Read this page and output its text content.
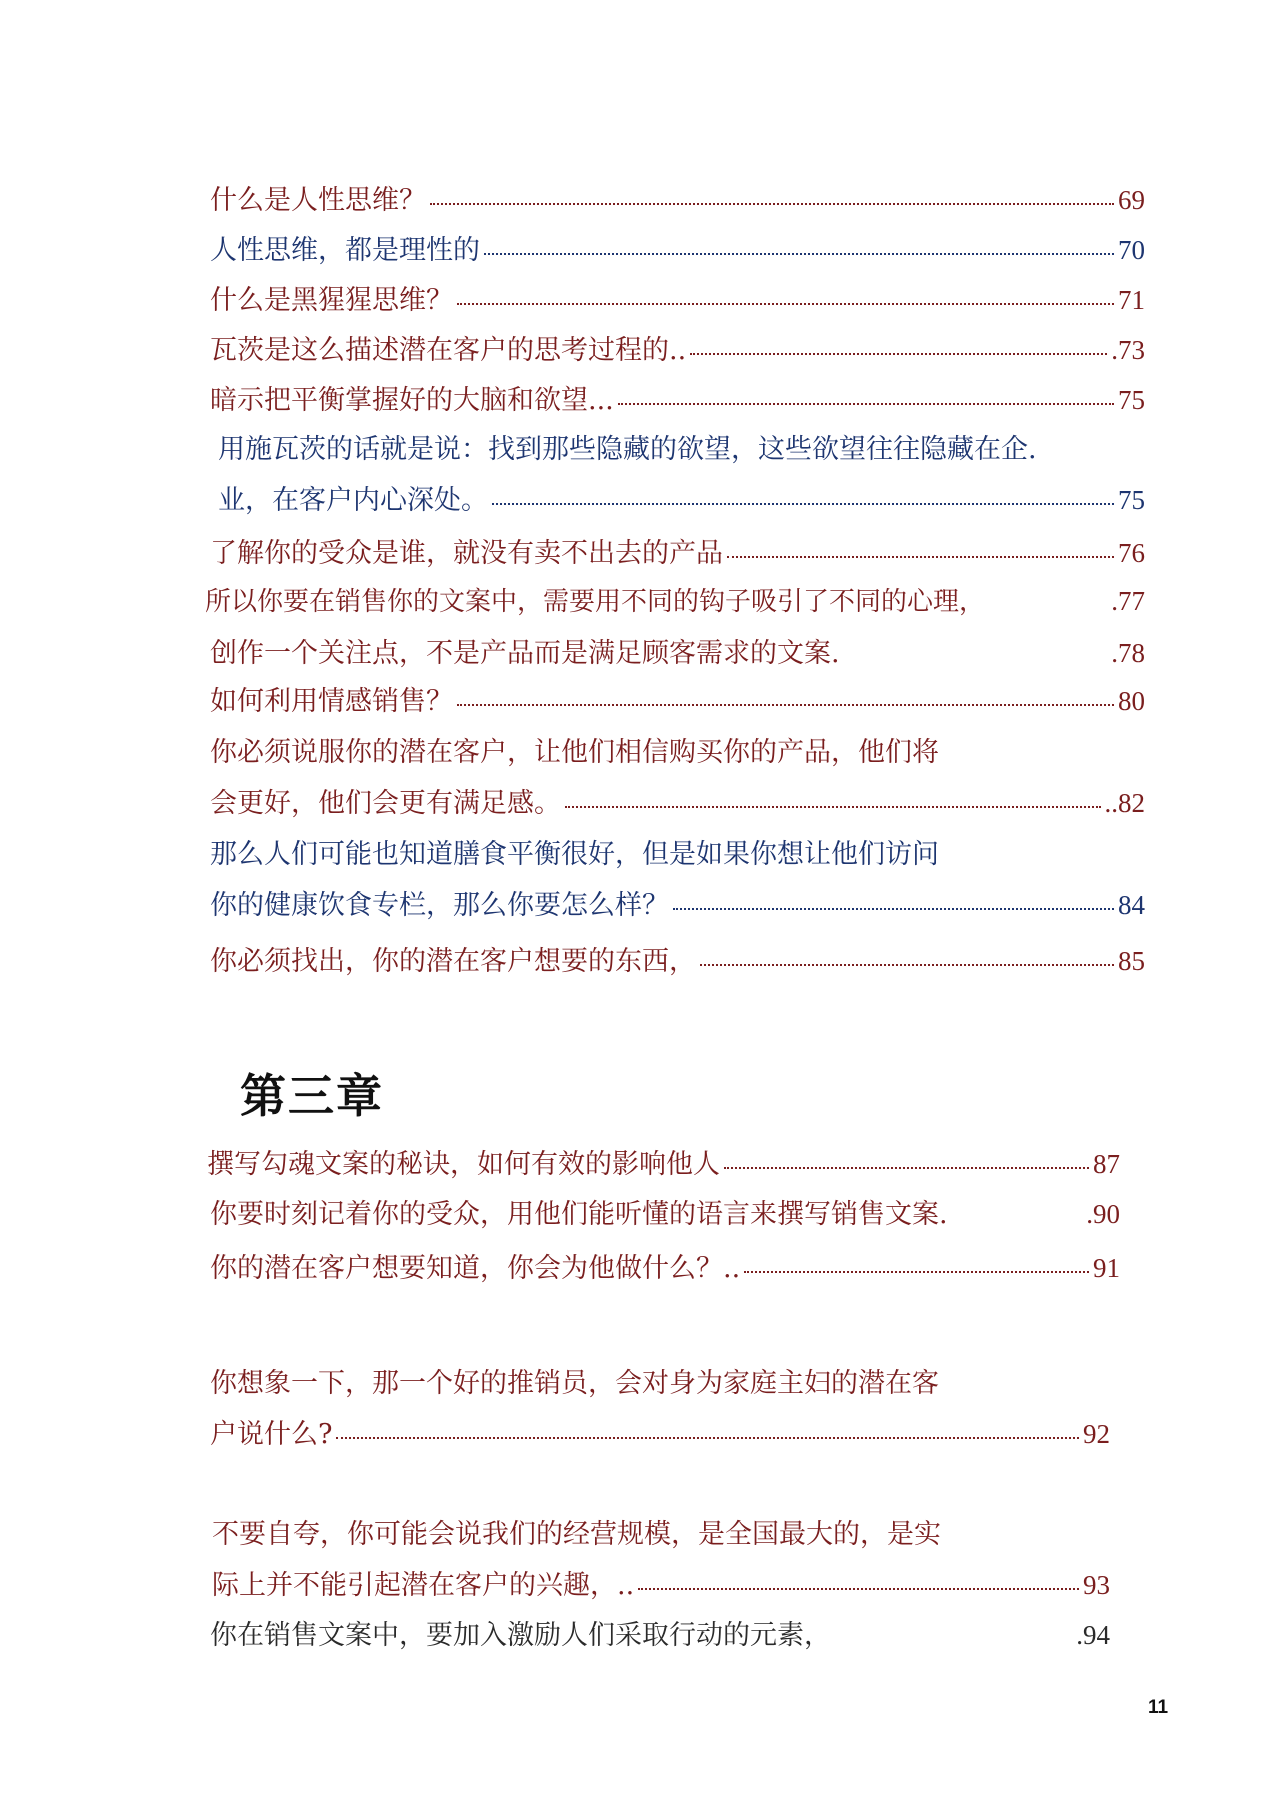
什么是人性思维？	69
人性思维，都是理性的	70
什么是黑猩猩思维？	71
瓦茨是这么描述潜在客户的思考过程的..	.73
暗示把平衡掌握好的大脑和欲望...	75
用施瓦茨的话就是说：找到那些隐藏的欲望，这些欲望往往隐藏在企.
业，在客户内心深处。	75
了解你的受众是谁，就没有卖不出去的产品	76
所以你要在销售你的文案中，需要用不同的钩子吸引了不同的心理，	.77
创作一个关注点，不是产品而是满足顾客需求的文案.	.78
如何利用情感销售？	80
你必须说服你的潜在客户，让他们相信购买你的产品，他们将
会更好，他们会更有满足感。	..82
那么人们可能也知道膳食平衡很好，但是如果你想让他们访问
你的健康饮食专栏，那么你要怎么样？	84
你必须找出，你的潜在客户想要的东西，	85
第三章
撰写勾魂文案的秘诀，如何有效的影响他人	87
你要时刻记着你的受众，用他们能听懂的语言来撰写销售文案.	.90
你的潜在客户想要知道，你会为他做什么？..	91
你想象一下，那一个好的推销员，会对身为家庭主妇的潜在客
户说什么?	92
不要自夸，你可能会说我们的经营规模，是全国最大的，是实
际上并不能引起潜在客户的兴趣，..	93
你在销售文案中，要加入激励人们采取行动的元素，	.94
11
